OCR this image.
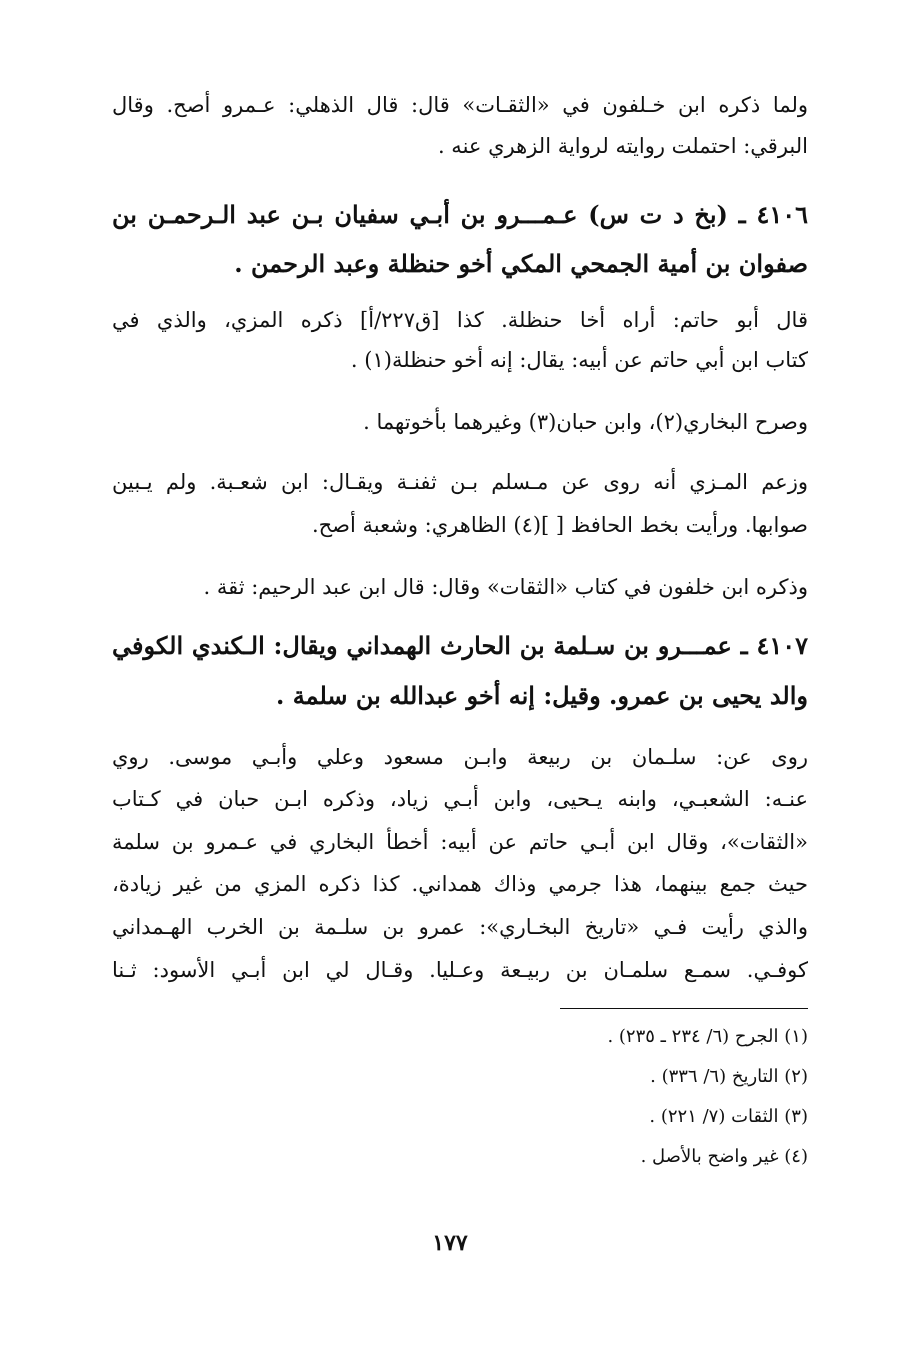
ولما ذكره ابن خـلفون في «الثقـات» قال: قال الذهلي: عـمرو أصح. وقال
البرقي: احتملت روايته لرواية الزهري عنه .
٤١٠٦ ـ (بخ د ت س) عـمـــرو بن أبـي سفيان بـن عبد الـرحمـن بن
صفوان بن أمية الجمحي المكي أخو حنظلة وعبد الرحمن .
قال أبو حاتم: أراه أخا حنظلة. كذا [ق٢٢٧/أ] ذكره المزي، والذي في
كتاب ابن أبي حاتم عن أبيه: يقال: إنه أخو حنظلة(١) .
وصرح البخاري(٢)، وابن حبان(٣) وغيرهما بأخوتهما .
وزعم المـزي أنه روى عن مـسلم بـن ثفنـة ويقـال: ابن شعـبة. ولم يـبين
صوابها. ورأيت بخط الحافظ [ ](٤) الظاهري: وشعبة أصح.
وذكره ابن خلفون في كتاب «الثقات» وقال: قال ابن عبد الرحيم: ثقة .
٤١٠٧ ـ عمـــرو بن سـلمة بن الحارث الهمداني ويقال: الـكندي الكوفي
والد يحيى بن عمرو. وقيل: إنه أخو عبدالله بن سلمة .
روى عن: سلـمان بن ربيعة وابـن مسعود وعلي وأبـي موسى. روي
عنـه: الشعبـي، وابنه يـحيى، وابن أبـي زياد، وذكره ابـن حبان في كـتاب
«الثقات»، وقال ابن أبـي حاتم عن أبيه: أخطأ البخاري في عـمرو بن سلمة
حيث جمع بينهما، هذا جرمي وذاك همداني. كذا ذكره المزي من غير زيادة،
والذي رأيت فـي «تاريخ البخـاري»: عمرو بن سلـمة بن الخرب الهـمداني
كوفـي. سمـع سلمـان بن ربيـعة وعـليا. وقـال لي ابن أبـي الأسود: ثـنا
(١) الجرح (٦/ ٢٣٤ ـ ٢٣٥) .
(٢) التاريخ (٦/ ٣٣٦) .
(٣) الثقات (٧/ ٢٢١) .
(٤) غير واضح بالأصل .
١٧٧
